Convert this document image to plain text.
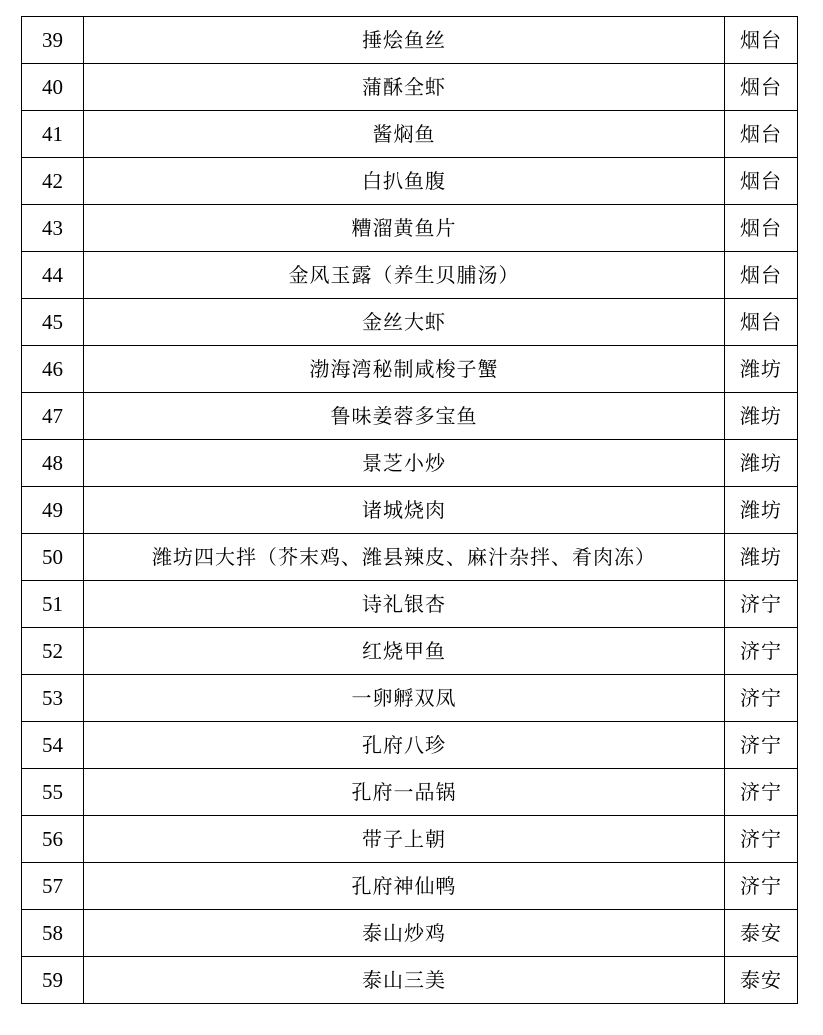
39	捶烩鱼丝	烟台
40	蒲酥全虾	烟台
41	酱焖鱼	烟台
42	白扒鱼腹	烟台
43	糟溜黄鱼片	烟台
44	金风玉露（养生贝脯汤）	烟台
45	金丝大虾	烟台
46	渤海湾秘制咸梭子蟹	潍坊
47	鲁味姜蓉多宝鱼	潍坊
48	景芝小炒	潍坊
49	诸城烧肉	潍坊
50	潍坊四大拌（芥末鸡、潍县辣皮、麻汁杂拌、肴肉冻）	潍坊
51	诗礼银杏	济宁
52	红烧甲鱼	济宁
53	一卵孵双凤	济宁
54	孔府八珍	济宁
55	孔府一品锅	济宁
56	带子上朝	济宁
57	孔府神仙鸭	济宁
58	泰山炒鸡	泰安
59	泰山三美	泰安
